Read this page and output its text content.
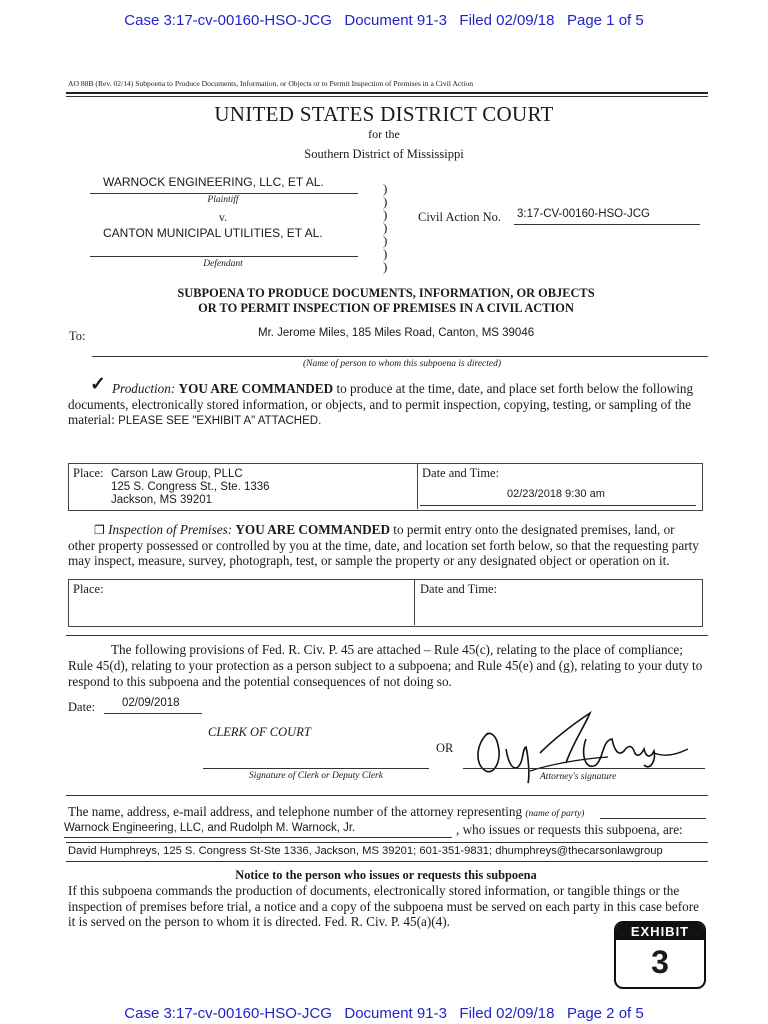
Case 3:17-cv-00160-HSO-JCG   Document 91-3   Filed 02/09/18   Page 1 of 5
AO 88B (Rev. 02/14) Subpoena to Produce Documents, Information, or Objects or to Permit Inspection of Premises in a Civil Action
UNITED STATES DISTRICT COURT
for the
Southern District of Mississippi
WARNOCK ENGINEERING, LLC, ET AL.
Plaintiff
v.
CANTON MUNICIPAL UTILITIES, ET AL.
Defendant
)
)
)
)
)
)
)
Civil Action No. 3:17-CV-00160-HSO-JCG
SUBPOENA TO PRODUCE DOCUMENTS, INFORMATION, OR OBJECTS
OR TO PERMIT INSPECTION OF PREMISES IN A CIVIL ACTION
To:	Mr. Jerome Miles, 185 Miles Road, Canton, MS 39046
(Name of person to whom this subpoena is directed)
✓ Production: YOU ARE COMMANDED to produce at the time, date, and place set forth below the following
documents, electronically stored information, or objects, and to permit inspection, copying, testing, or sampling of the
material: PLEASE SEE "EXHIBIT A" ATTACHED.
Place: Carson Law Group, PLLC
125 S. Congress St., Ste. 1336
Jackson, MS 39201
Date and Time:
02/23/2018 9:30 am
❒ Inspection of Premises: YOU ARE COMMANDED to permit entry onto the designated premises, land, or
other property possessed or controlled by you at the time, date, and location set forth below, so that the requesting party
may inspect, measure, survey, photograph, test, or sample the property or any designated object or operation on it.
Place:	Date and Time:
The following provisions of Fed. R. Civ. P. 45 are attached – Rule 45(c), relating to the place of compliance;
Rule 45(d), relating to your protection as a person subject to a subpoena; and Rule 45(e) and (g), relating to your duty to
respond to this subpoena and the potential consequences of not doing so.
Date: 02/09/2018
CLERK OF COURT
Signature of Clerk or Deputy Clerk
OR
Attorney's signature
The name, address, e-mail address, and telephone number of the attorney representing (name of party)
Warnock Engineering, LLC, and Rudolph M. Warnock, Jr.	, who issues or requests this subpoena, are:
David Humphreys, 125 S. Congress St-Ste 1336, Jackson, MS 39201; 601-351-9831; dhumphreys@thecarsonlawgroup
Notice to the person who issues or requests this subpoena
If this subpoena commands the production of documents, electronically stored information, or tangible things or the
inspection of premises before trial, a notice and a copy of the subpoena must be served on each party in this case before
it is served on the person to whom it is directed. Fed. R. Civ. P. 45(a)(4).
EXHIBIT
3
Case 3:17-cv-00160-HSO-JCG   Document 91-3   Filed 02/09/18   Page 2 of 5
